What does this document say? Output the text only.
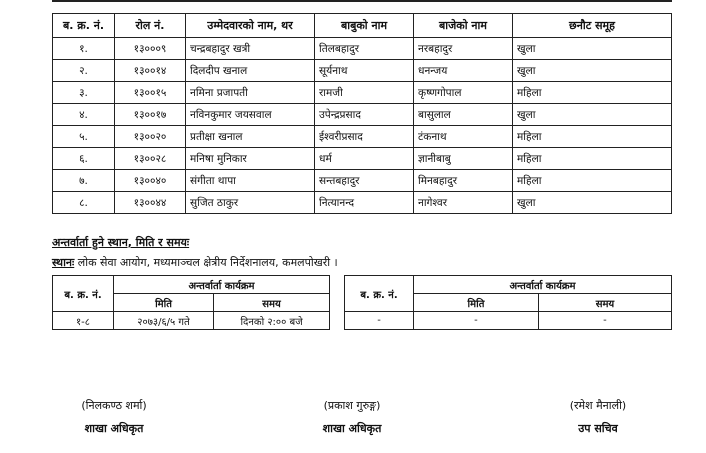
ब. क्र. नं.	रोल नं.	उम्मेदवारको नाम, थर	बाबुको नाम	बाजेको नाम	छनौट समूह
१.	१३०००९	चन्द्रबहादुर खत्री	तिलबहादुर	नरबहादुर	खुला
२.	१३००१४	दिलदीप खनाल	सूर्यनाथ	धनन्जय	खुला
३.	१३००१५	नमिना प्रजापती	रामजी	कृष्णगोपाल	महिला
४.	१३००१७	नविनकुमार जयसवाल	उपेन्द्रप्रसाद	बासुलाल	खुला
५.	१३००२०	प्रतीक्षा खनाल	ईश्वरीप्रसाद	टंकनाथ	महिला
६.	१३००२८	मनिषा मुनिकार	धर्म	ज्ञानीबाबु	महिला
७.	१३००४०	संगीता थापा	सन्तबहादुर	मिनबहादुर	महिला
८.	१३००४४	सुजित ठाकुर	नित्यानन्द	नागेश्वर	खुला
अन्तर्वार्ता हुने स्थान, मिति र समयः
स्थानः लोक सेवा आयोग, मध्यमाञ्चल क्षेत्रीय निर्देशनालय, कमलपोखरी ।
ब. क्र. नं.	अन्तर्वार्ता कार्यक्रम	
	मिति	समय
१-८	२०७३/६/५ गते	दिनको २:०० बजे
ब. क्र. नं.	अन्तर्वार्ता कार्यक्रम	
	मिति	समय
-	-	-
(निलकण्ठ शर्मा)
शाखा अधिकृत
(प्रकाश गुरुङ्ग)
शाखा अधिकृत
(रमेश मैनाली)
उप सचिव
